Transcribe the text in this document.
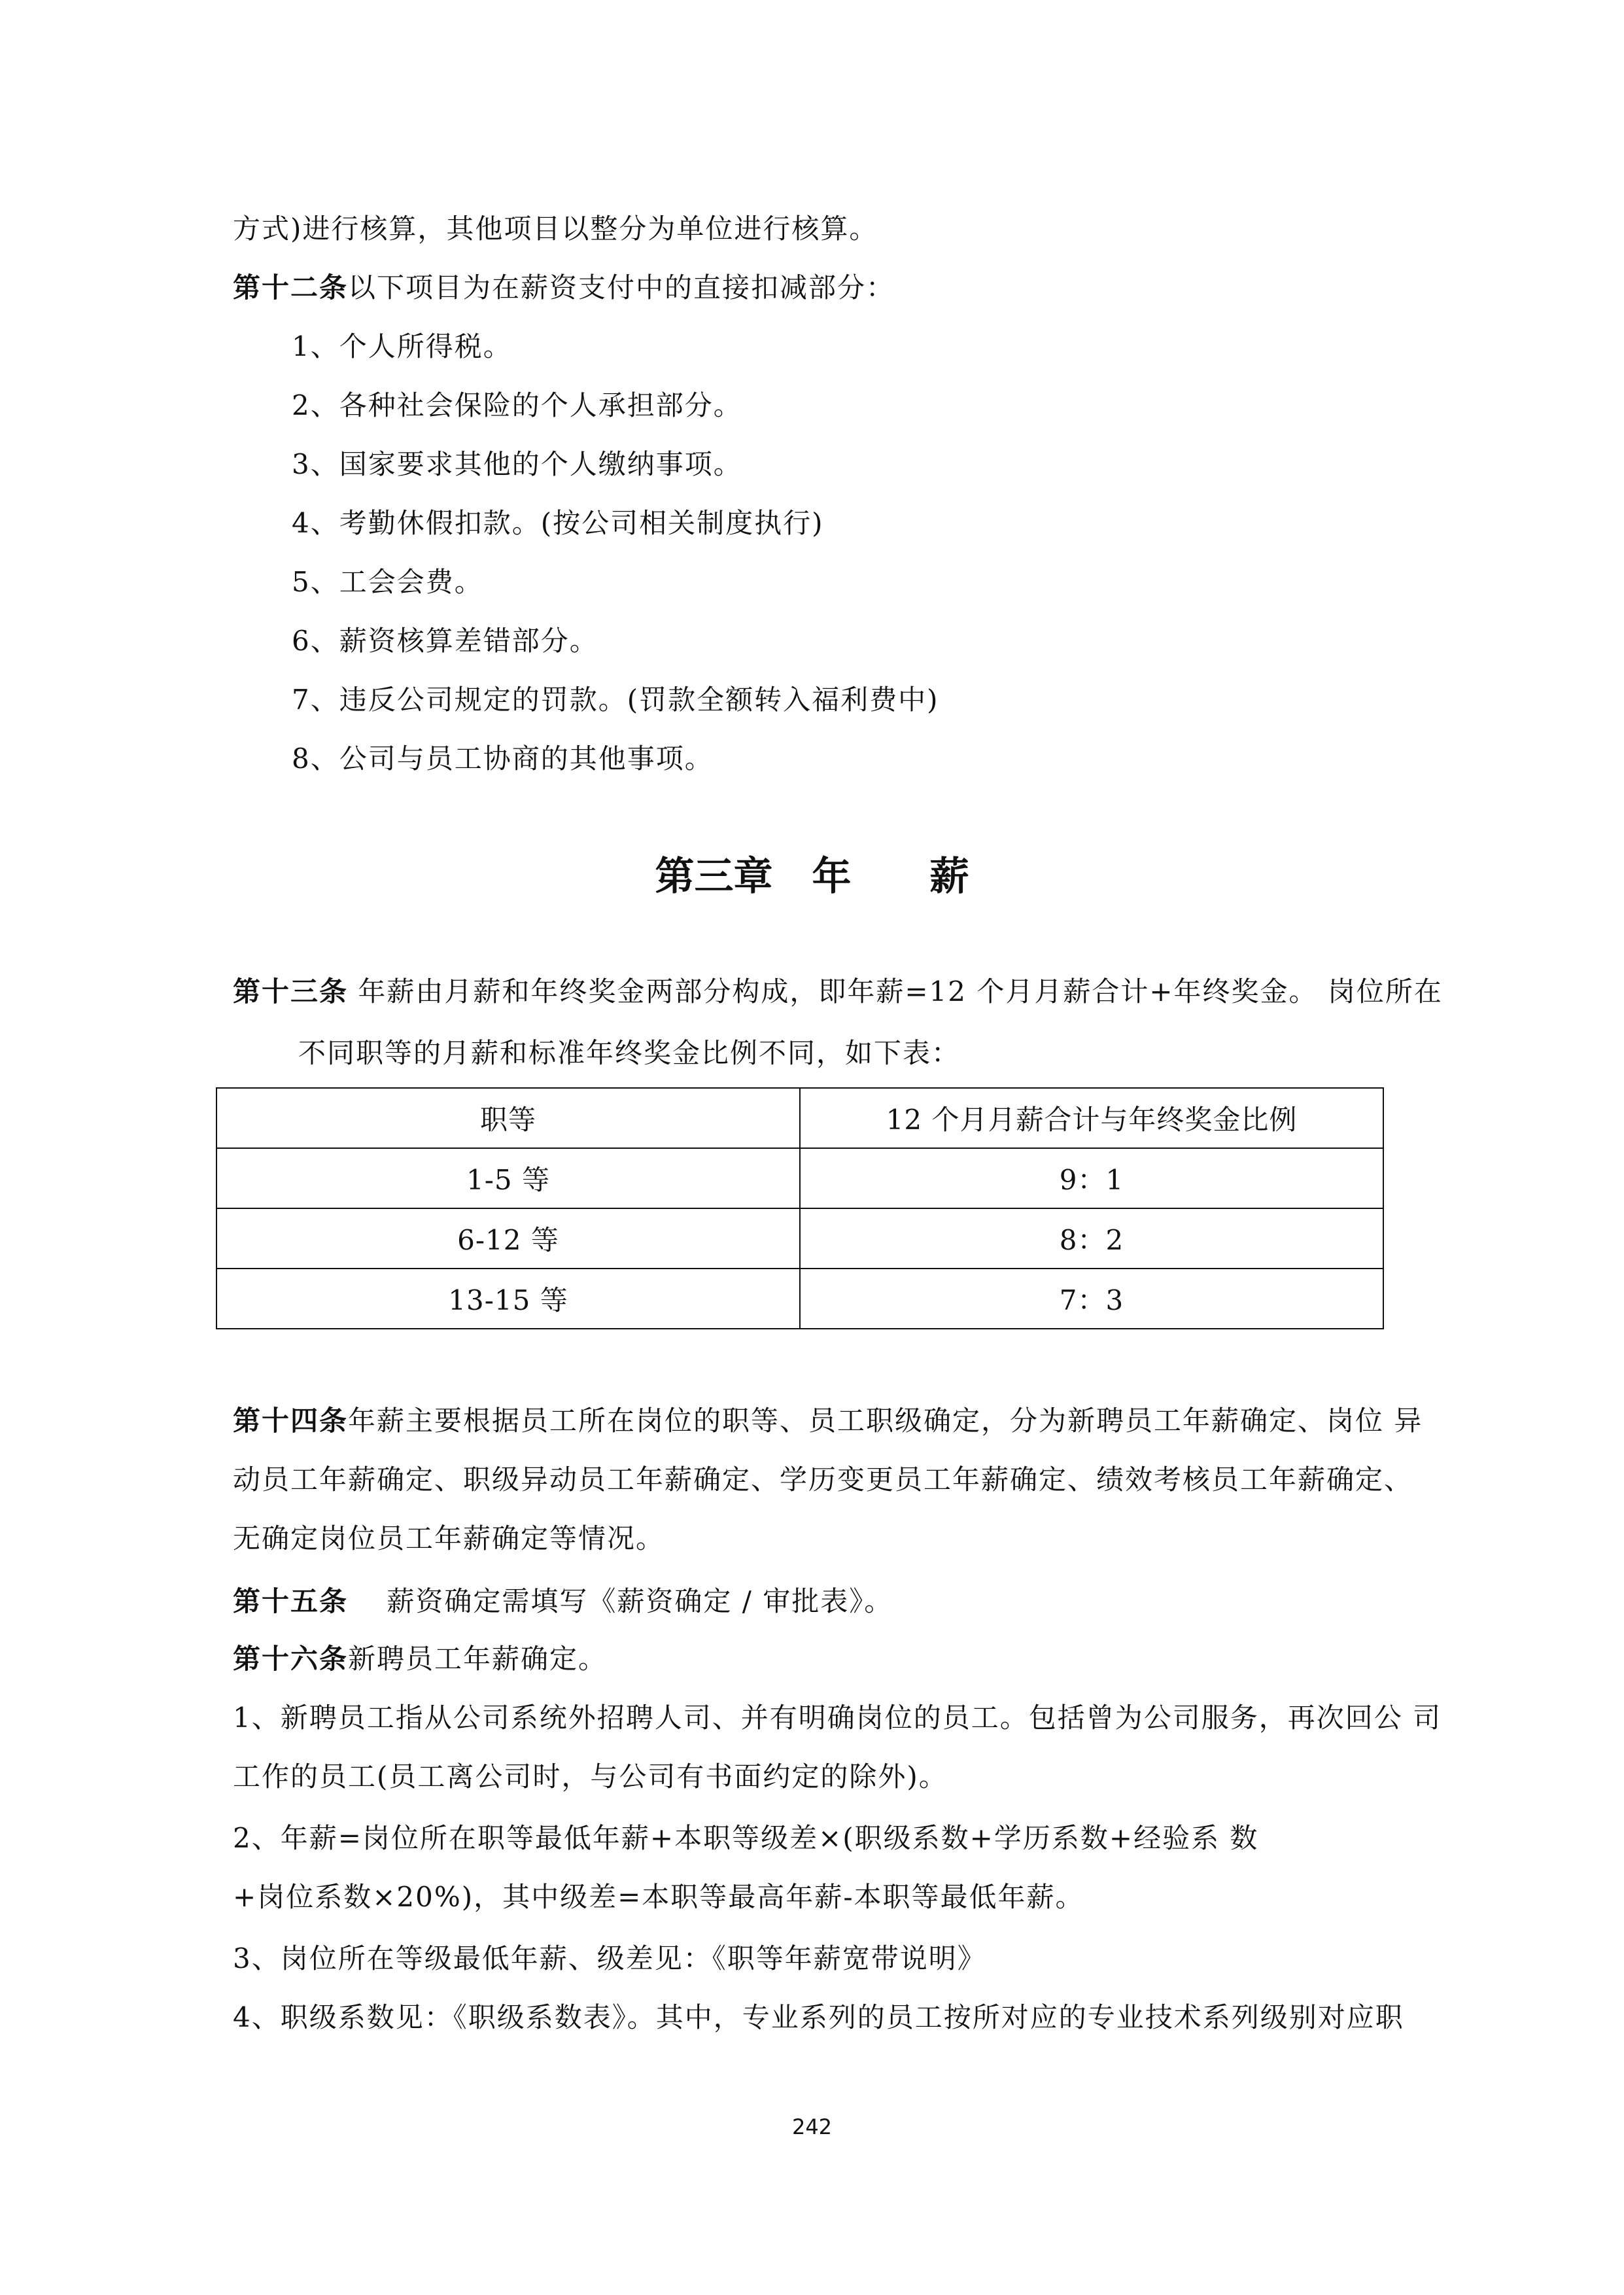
方式)进行核算，其他项目以整分为单位进行核算。
第十二条以下项目为在薪资支付中的直接扣减部分：
1、个人所得税。
2、各种社会保险的个人承担部分。
3、国家要求其他的个人缴纳事项。
4、考勤休假扣款。(按公司相关制度执行)
5、工会会费。
6、薪资核算差错部分。
7、违反公司规定的罚款。(罚款全额转入福利费中)
8、公司与员工协商的其他事项。
第三章　年　　薪
第十三条 年薪由月薪和年终奖金两部分构成，即年薪=12 个月月薪合计+年终奖金。 岗位所在
不同职等的月薪和标准年终奖金比例不同，如下表：
职等	12 个月月薪合计与年终奖金比例
1-5 等	9：1
6-12 等	8：2
13-15 等	7：3
第十四条年薪主要根据员工所在岗位的职等、员工职级确定，分为新聘员工年薪确定、岗位 异
动员工年薪确定、职级异动员工年薪确定、学历变更员工年薪确定、绩效考核员工年薪确定、
无确定岗位员工年薪确定等情况。
第十五条　 薪资确定需填写《薪资确定 / 审批表》。
第十六条新聘员工年薪确定。
1、新聘员工指从公司系统外招聘人司、并有明确岗位的员工。包括曾为公司服务，再次回公 司
工作的员工(员工离公司时，与公司有书面约定的除外)。
2、年薪=岗位所在职等最低年薪+本职等级差×(职级系数+学历系数+经验系 数
+岗位系数×20%)，其中级差=本职等最高年薪-本职等最低年薪。
3、岗位所在等级最低年薪、级差见：《职等年薪宽带说明》
4、职级系数见：《职级系数表》。其中，专业系列的员工按所对应的专业技术系列级别对应职
242
